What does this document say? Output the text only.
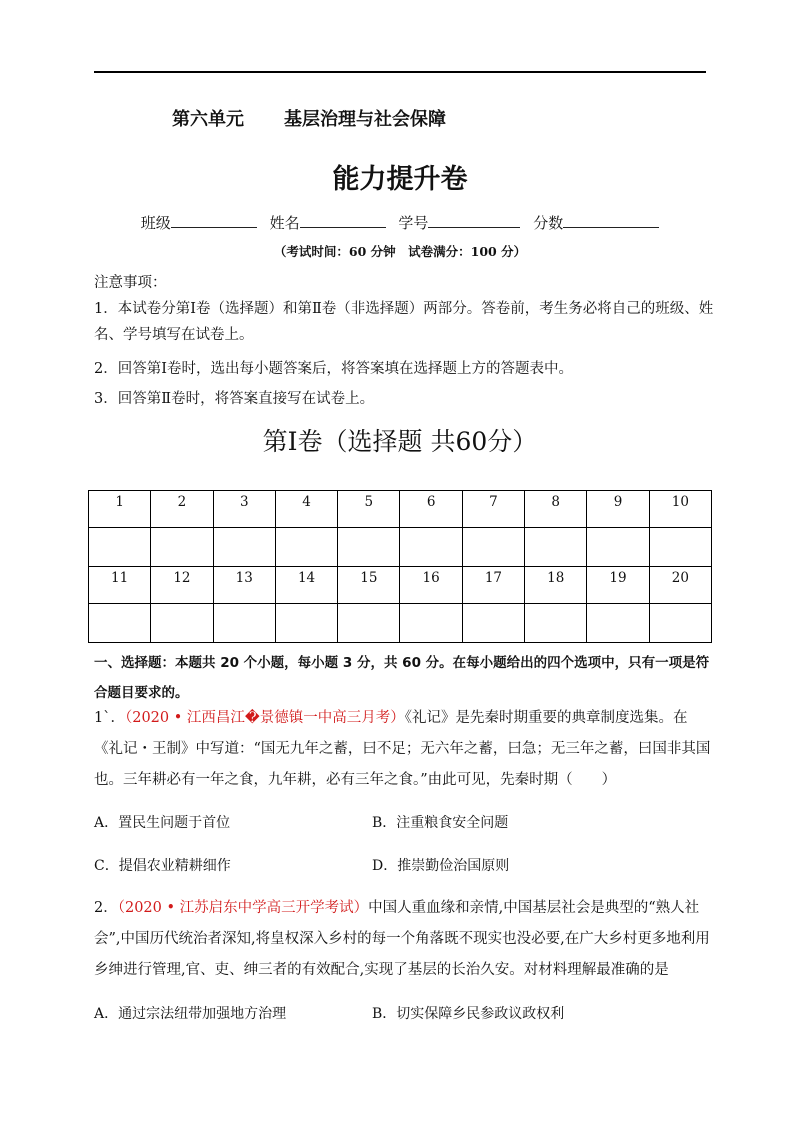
第六单元 基层治理与社会保障
能力提升卷
班级	姓名	学号	分数
（考试时间：60 分钟　试卷满分：100 分）
注意事项：
1．本试卷分第Ⅰ卷（选择题）和第Ⅱ卷（非选择题）两部分。答卷前，考生务必将自己的班级、姓名、学号填写在试卷上。
2．回答第Ⅰ卷时，选出每小题答案后，将答案填在选择题上方的答题表中。
3．回答第Ⅱ卷时，将答案直接写在试卷上。
第Ⅰ卷（选择题 共60分）
1	2	3	4	5	6	7	8	9	10

11	12	13	14	15	16	17	18	19	20

一、选择题：本题共 20 个小题，每小题 3 分，共 60 分。在每小题给出的四个选项中，只有一项是符合题目要求的。
1`．（2020 • 江西昌江�景德镇一中高三月考）《礼记》是先秦时期重要的典章制度选集。在《礼记・王制》中写道：“国无九年之蓄，曰不足；无六年之蓄，曰急；无三年之蓄，曰国非其国也。三年耕必有一年之食，九年耕，必有三年之食。”由此可见，先秦时期（　　）
A．置民生问题于首位	B．注重粮食安全问题
C．提倡农业精耕细作	D．推崇勤俭治国原则
2．（2020 • 江苏启东中学高三开学考试）中国人重血缘和亲情,中国基层社会是典型的“熟人社会”,中国历代统治者深知,将皇权深入乡村的每一个角落既不现实也没必要,在广大乡村更多地利用乡绅进行管理,官、吏、绅三者的有效配合,实现了基层的长治久安。对材料理解最准确的是
A．通过宗法纽带加强地方治理	B．切实保障乡民参政议政权利
